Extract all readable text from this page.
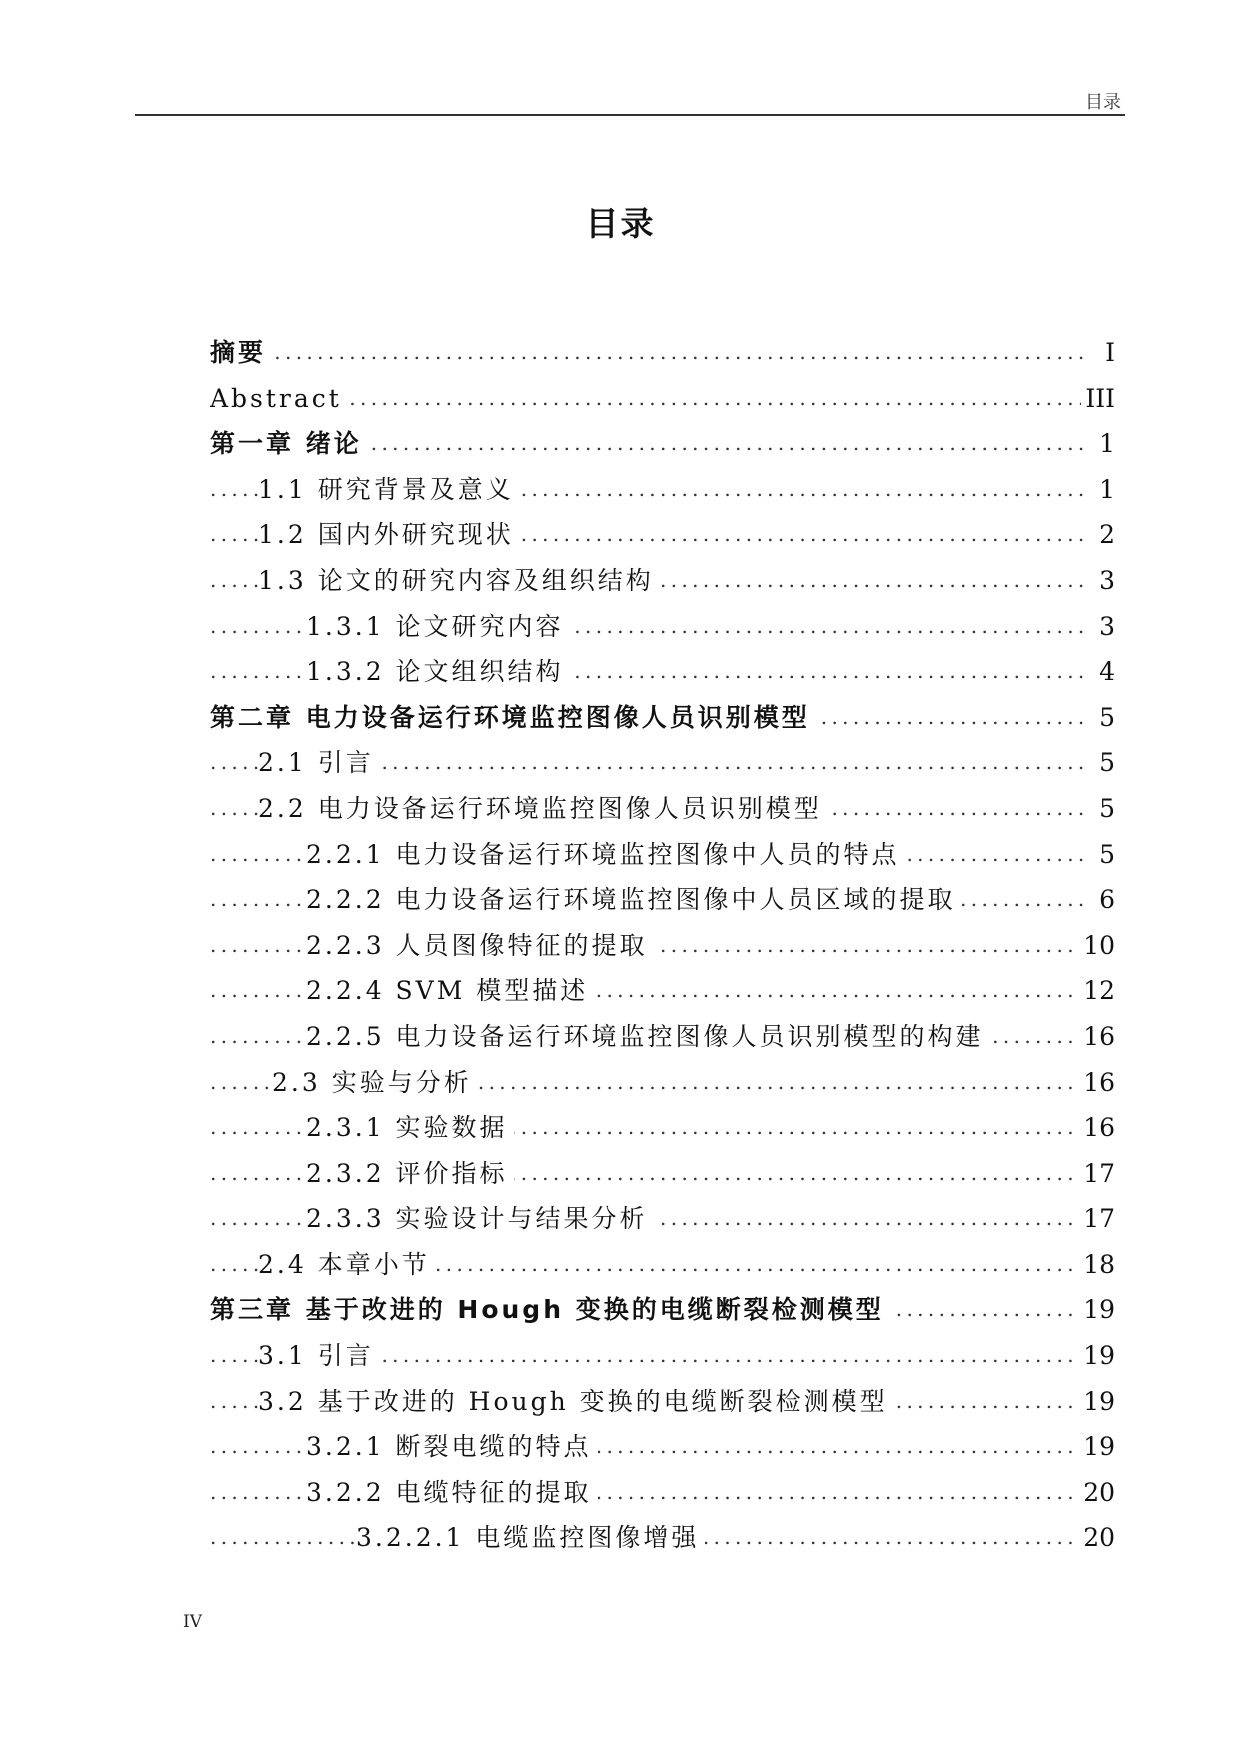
目录
目录
. . . 摘要	I
. . . Abstract	III
. . . 第一章 绪论	1
. . . 1.1 研究背景及意义	1
. . . 1.2 国内外研究现状	2
. . . 1.3 论文的研究内容及组织结构	3
. . . 1.3.1 论文研究内容	3
. . . 1.3.2 论文组织结构	4
. . . 第二章 电力设备运行环境监控图像人员识别模型	5
. . . 2.1 引言	5
. . . 2.2 电力设备运行环境监控图像人员识别模型	5
. . . 2.2.1 电力设备运行环境监控图像中人员的特点	5
. . . 2.2.2 电力设备运行环境监控图像中人员区域的提取	6
. . . 2.2.3 人员图像特征的提取	10
. . . 2.2.4 SVM 模型描述	12
. . . 2.2.5 电力设备运行环境监控图像人员识别模型的构建	16
. . . 2.3 实验与分析	16
. . . 2.3.1 实验数据	16
. . . 2.3.2 评价指标	17
. . . 2.3.3 实验设计与结果分析	17
. . . 2.4 本章小节	18
. . . 第三章 基于改进的 Hough 变换的电缆断裂检测模型	19
. . . 3.1 引言	19
. . . 3.2 基于改进的 Hough 变换的电缆断裂检测模型	19
. . . 3.2.1 断裂电缆的特点	19
. . . 3.2.2 电缆特征的提取	20
. . . 3.2.2.1 电缆监控图像增强	20
IV
